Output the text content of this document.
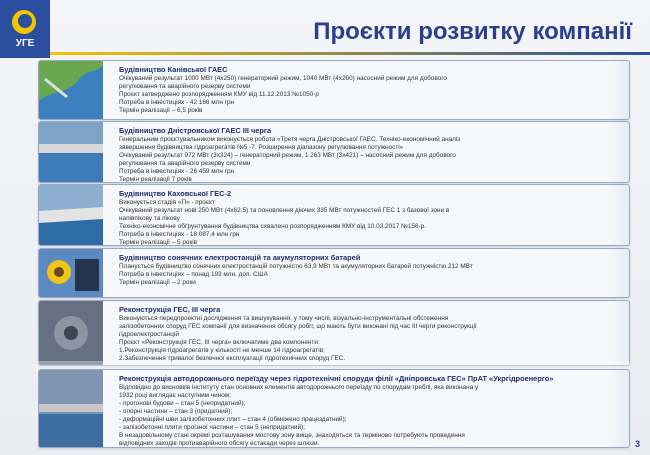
УГЕ	Проєкти розвитку компанії
Будівництво Канівської ГАЕС
Очікуваний результат 1000 МВт (4х250) генераторний режим, 1040 МВт (4х260) насосний режим для добового
регулювання та аварійного резерву системи
Проєкт затверджено розпорядженням КМУ від 11.12.2013 №1050-р
Потреба в інвестиціях - 42 166 млн грн
Термін реалізації – 6,5 років
Будівництво Дністровської ГАЕС ІІІ черга
Генеральним проєктувальником виконується робота «Третя черга Дністровської ГАЕС. Техніко-економічний аналіз
завершення будівництва гідроагрегатів №5 -7. Розширення діапазону регулювання потужності»
Очікуваний результат 972 МВт (3х324) – генераторний режим, 1 263 МВт (3х421) – насосний режим для добового
регулювання та аварійного резерву системи
Потреба в інвестиціях - 26 459 млн грн
Термін реалізації 7 років
Будівництво Каховської ГЕС-2
Виконується стадія «П» - проєкт
Очікуваний результат нові 250 МВт (4х62,5) та поновлення діючих 335 МВт потужностей ГЕС 1 з базової зони в
напівпікову та пікову
Техніко-економічне обґрунтування будівництва схвалено розпорядженням КМУ від 10.03.2017 №156-р.
Потреба в інвестиціях - 18 087,4 млн грн
Термін реалізації – 5 років
Будівництво сонячних електростанцій та акумуляторних батарей
Планується будівництво сонячних електростанцій потужністю 63,9 МВт та акумуляторних батарей потужністю 212 МВт
Потреба в інвестиціях – понад 193 млн. дол. США
Термін реалізації – 2 роки
Реконструкція ГЕС, ІІІ черга
Виконуються передпроектні дослідження та вишукування, у тому числі, візуально-інструментальні обстеження
залізобетонних споруд ГЕС компанії для визначення обсягу робіт, що мають бути виконані під час ІІІ черги реконструкції
гідроелектростанцій
Проєкт «Реконструкція ГЕС, ІІІ черга» включатиме два компоненти:
1.Реконструкція гідроагрегатів у кількості не менше 14 гідроагрегатів;
2.Забезпечення тривалої безпечної експлуатації гідротехнічних споруд ГЕС.
Реконструкція автодорожнього переїзду через гідротехнічні споруди філії «Дніпровська ГЕС» ПрАТ «Укргідроенерго»
Відповідно до висновків інституту стан основних елементів автодорожнього переїзду по спорудам греблі, яка виконана у
1932 році виглядає наступним чином:
- прогонові будови – стан 5 (непридатний);
- опорні частини – стан 3 (придатний);
- деформаційні шви залізобетонних плит – стан 4 (обмежено працездатний);
- залізобетонні плити проїзної частини – стан 5 (непридатний);
В незадовільному стані окремі розташування мостову зону вище, знаходяться та терміново потребують проведення
відповідних заходів протиаварійного обсягу естакади через шлюзи.	3
